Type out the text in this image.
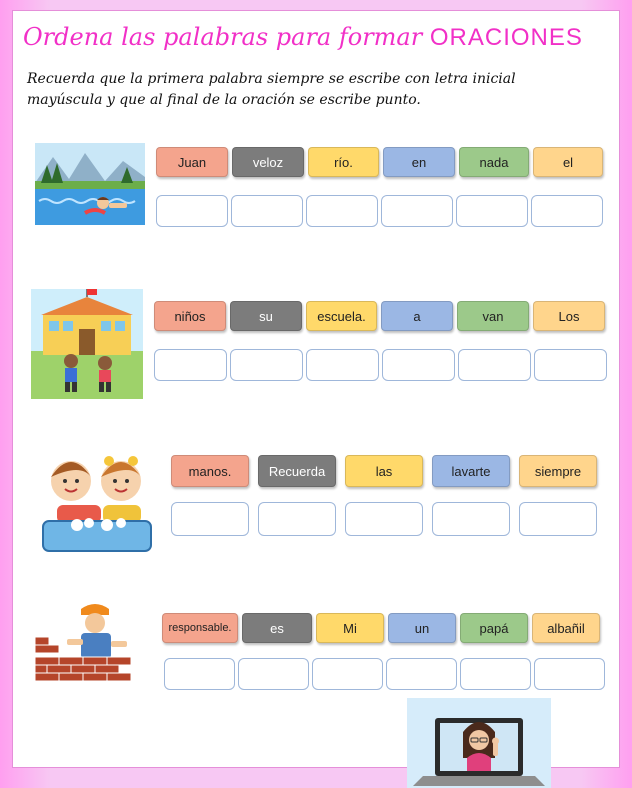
Ordena las palabras para formar ORACIONES
Recuerda que la primera palabra siempre se escribe con letra inicial
mayúscula y que al final de la oración se escribe punto.
Juan	veloz	río.	en	nada	el
niños	su	escuela.	a	van	Los
manos.	Recuerda	las	lavarte	siempre
responsable.	es	Mi	un	papá	albañil
